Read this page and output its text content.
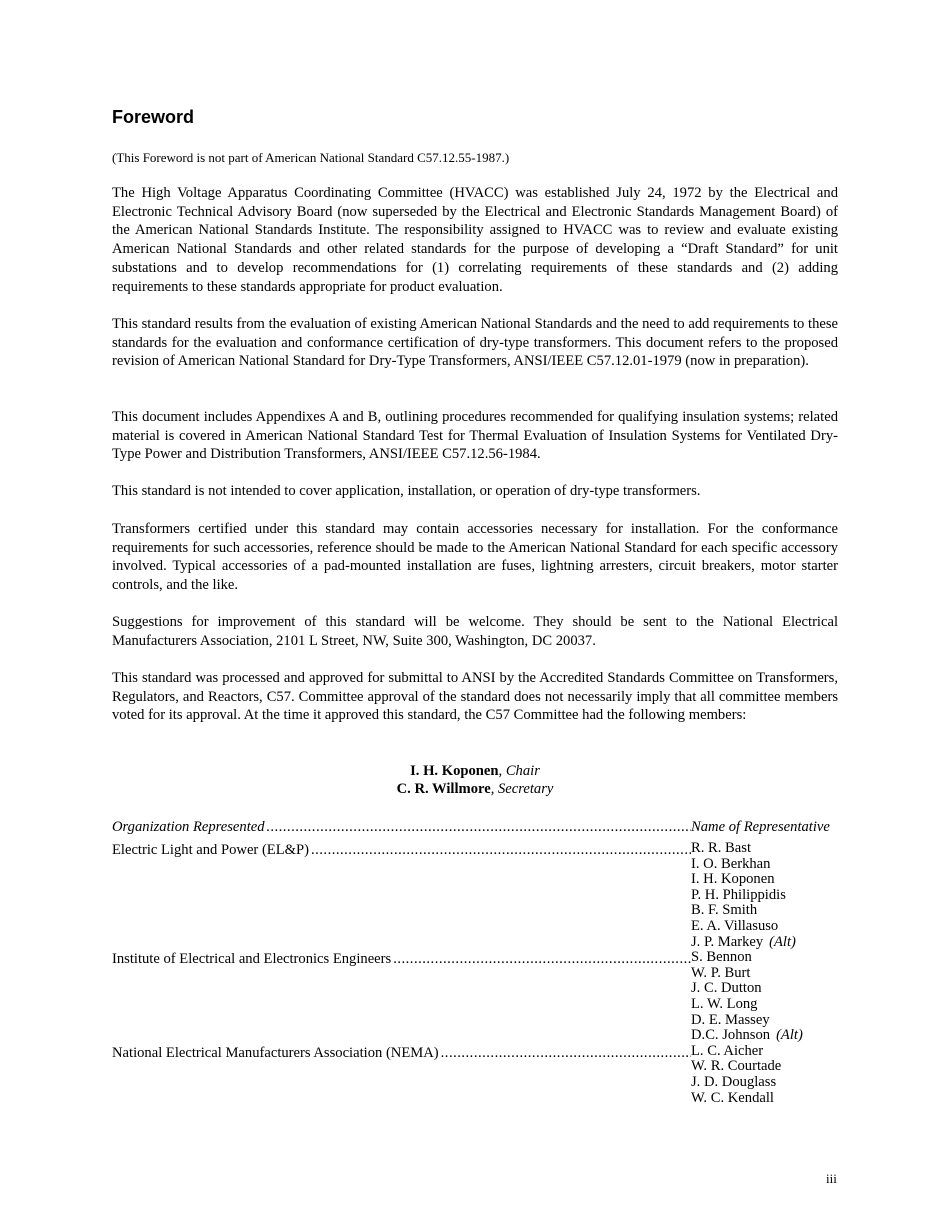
Foreword

(This Foreword is not part of American National Standard C57.12.55-1987.)

The High Voltage Apparatus Coordinating Committee (HVACC) was established July 24, 1972 by the Electrical and Electronic Technical Advisory Board (now superseded by the Electrical and Electronic Standards Management Board) of the American National Standards Institute. The responsibility assigned to HVACC was to review and evaluate existing American National Standards and other related standards for the purpose of developing a “Draft Standard” for unit substations and to develop recommendations for (1) correlating requirements of these standards and (2) adding requirements to these standards appropriate for product evaluation.

This standard results from the evaluation of existing American National Standards and the need to add requirements to these standards for the evaluation and conformance certification of dry-type transformers. This document refers to the proposed revision of American National Standard for Dry-Type Transformers, ANSI/IEEE C57.12.01-1979 (now in preparation).

This document includes Appendixes A and B, outlining procedures recommended for qualifying insulation systems; related material is covered in American National Standard Test for Thermal Evaluation of Insulation Systems for Ventilated Dry-Type Power and Distribution Transformers, ANSI/IEEE C57.12.56-1984.

This standard is not intended to cover application, installation, or operation of dry-type transformers.

Transformers certified under this standard may contain accessories necessary for installation. For the conformance requirements for such accessories, reference should be made to the American National Standard for each specific accessory involved. Typical accessories of a pad-mounted installation are fuses, lightning arresters, circuit breakers, motor starter controls, and the like.

Suggestions for improvement of this standard will be welcome. They should be sent to the National Electrical Manufacturers Association, 2101 L Street, NW, Suite 300, Washington, DC 20037.

This standard was processed and approved for submittal to ANSI by the Accredited Standards Committee on Transformers, Regulators, and Reactors, C57. Committee approval of the standard does not necessarily imply that all committee members voted for its approval. At the time it approved this standard, the C57 Committee had the following members:

I. H. Koponen, Chair
C. R. Willmore, Secretary
Organization Represented .....	Name of Representative
Electric Light and Power (EL&P) .....	R. R. Bast
I. O. Berkhan
I. H. Koponen
P. H. Philippidis
B. F. Smith
E. A. Villasuso
J. P. Markey (Alt)
Institute of Electrical and Electronics Engineers .....	S. Bennon
W. P. Burt
J. C. Dutton
L. W. Long
D. E. Massey
D.C. Johnson (Alt)
National Electrical Manufacturers Association (NEMA) .....	L. C. Aicher
W. R. Courtade
J. D. Douglass
W. C. Kendall
iii
